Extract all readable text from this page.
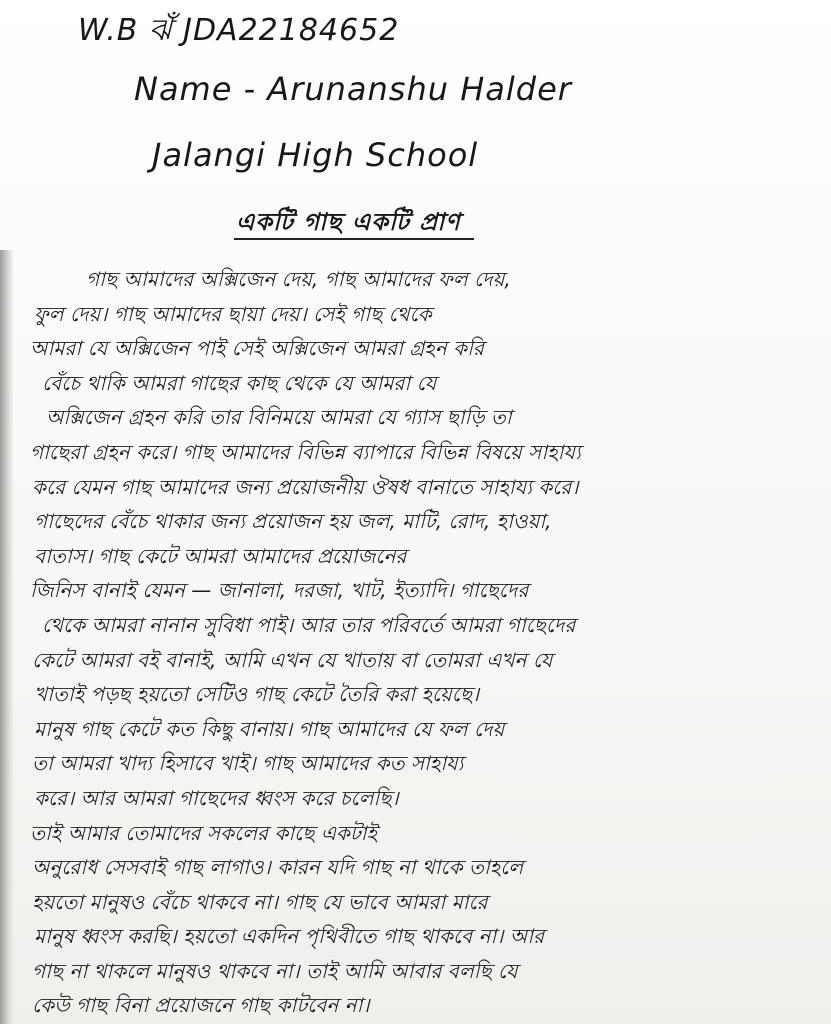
W.B ঝঁ JDA22184652
Name - Arunanshu Halder
Jalangi High School
একটি গাছ একটি প্রাণ
গাছ আমাদের অক্সিজেন দেয়, গাছ আমাদের ফল দেয়,
ফুল দেয়। গাছ আমাদের ছায়া দেয়। সেই গাছ থেকে
আমরা যে অক্সিজেন পাই সেই অক্সিজেন আমরা গ্রহন করি
বেঁচে থাকি আমরা গাছের কাছ থেকে যে আমরা যে
অক্সিজেন গ্রহন করি তার বিনিময়ে আমরা যে গ্যাস ছাড়ি তা
গাছেরা গ্রহন করে। গাছ আমাদের বিভিন্ন ব্যাপারে বিভিন্ন বিষয়ে সাহায্য
করে যেমন গাছ আমাদের জন্য প্রয়োজনীয় ঔষধ বানাতে সাহায্য করে।
গাছেদের বেঁচে থাকার জন্য প্রয়োজন হয় জল, মাটি, রোদ, হাওয়া,
বাতাস। গাছ কেটে আমরা আমাদের প্রয়োজনের
জিনিস বানাই যেমন — জানালা, দরজা, খাট, ইত্যাদি। গাছেদের
থেকে আমরা নানান সুবিধা পাই। আর তার পরিবর্তে আমরা গাছেদের
কেটে আমরা বই বানাই, আমি এখন যে খাতায় বা তোমরা এখন যে
খাতাই পড়ছ হয়তো সেটিও গাছ কেটে তৈরি করা হয়েছে।
মানুষ গাছ কেটে কত কিছু বানায়। গাছ আমাদের যে ফল দেয়
তা আমরা খাদ্য হিসাবে খাই। গাছ আমাদের কত সাহায্য
করে। আর আমরা গাছেদের ধ্বংস করে চলেছি।
তাই আমার তোমাদের সকলের কাছে একটাই
অনুরোধ সেসবাই গাছ লাগাও। কারন যদি গাছ না থাকে তাহলে
হয়তো মানুষও বেঁচে থাকবে না। গাছ যে ভাবে আমরা মারে
মানুষ ধ্বংস করছি। হয়তো একদিন পৃথিবীতে গাছ থাকবে না। আর
গাছ না থাকলে মানুষও থাকবে না। তাই আমি আবার বলছি যে
কেউ গাছ বিনা প্রয়োজনে গাছ কাটবেন না।
